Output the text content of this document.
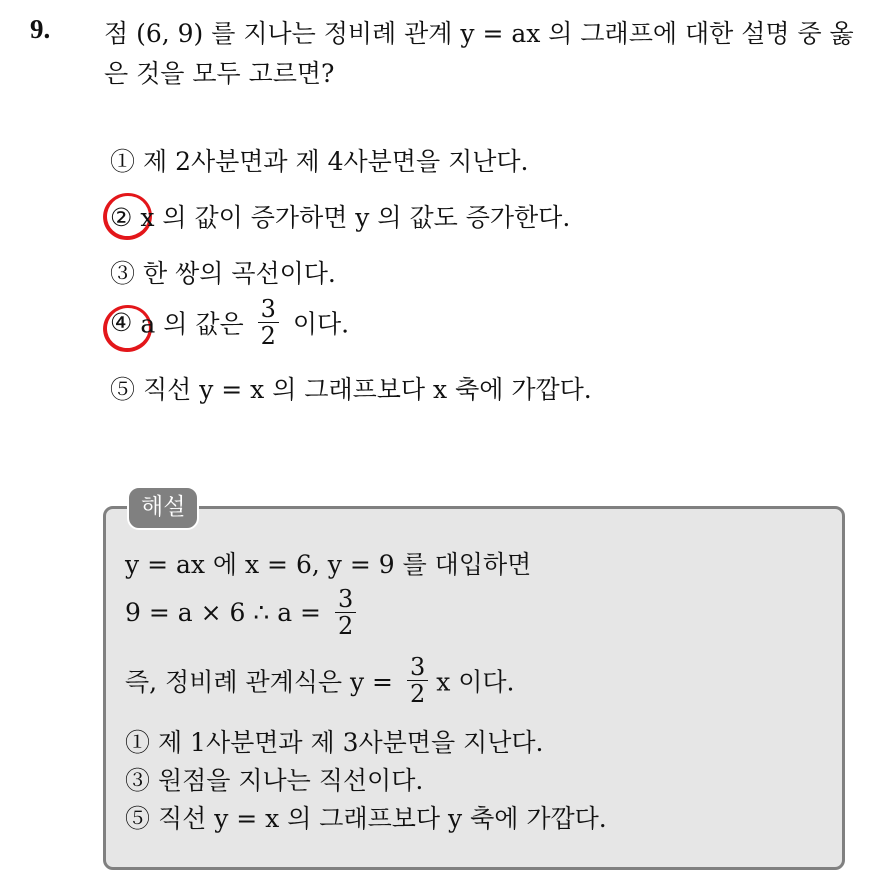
9. 점 (6, 9) 를 지나는 정비례 관계 y = ax 의 그래프에 대한 설명 중 옳은 것을 모두 고르면?
① 제 2사분면과 제 4사분면을 지난다.
② x 의 값이 증가하면 y 의 값도 증가한다.
③ 한 쌍의 곡선이다.
④ a 의 값은 $\frac{3}{2}$ 이다.
⑤ 직선 y = x 의 그래프보다 x 축에 가깝다.
해설
y = ax 에 x = 6, y = 9 를 대입하면
9 = a × 6 ∴ $a = \frac{3}{2}$
즉, 정비례 관계식은 $y = \frac{3}{2}$ x 이다.
① 제 1사분면과 제 3사분면을 지난다.
③ 원점을 지나는 직선이다.
⑤ 직선 y = x 의 그래프보다 y 축에 가깝다.
